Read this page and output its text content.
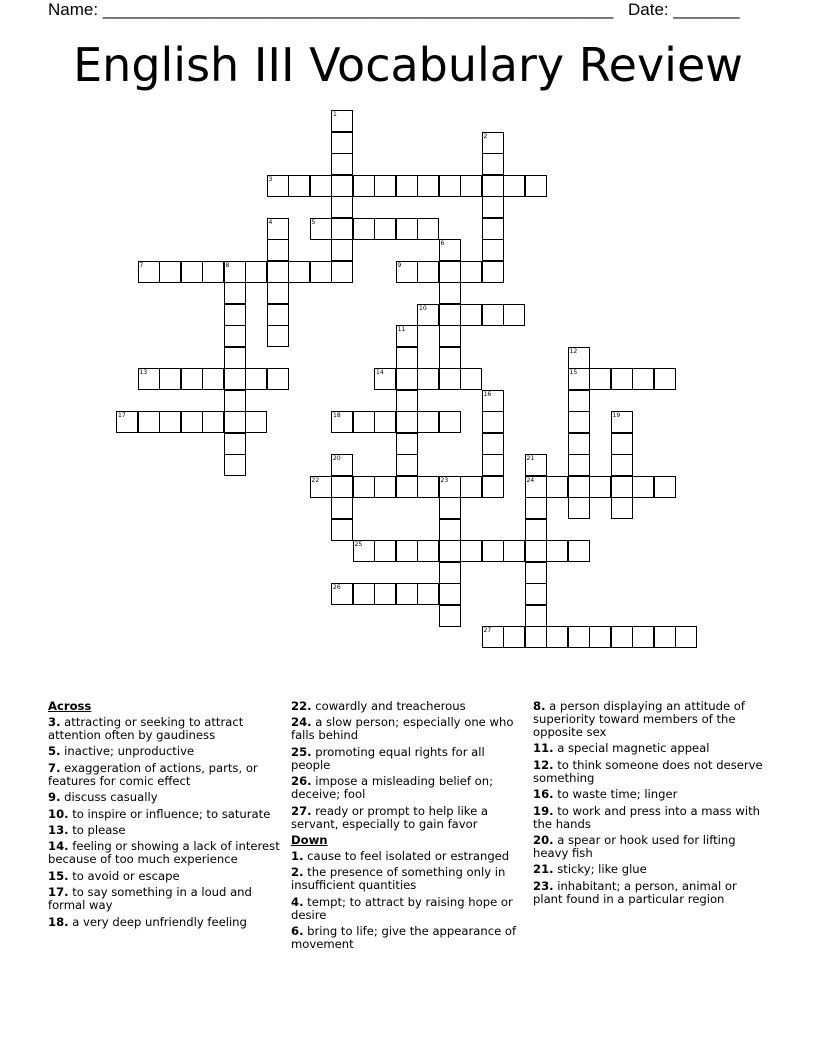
Name: ______________________________________________________ Date: _______
English III Vocabulary Review
1
2
3
4	5
6
7	8	9
10
11
12
15
13	14
16
17	18	19
20	21
24
22	23
25
26
27
Across
3. attracting or seeking to attract attention often by gaudiness
5. inactive; unproductive
7. exaggeration of actions, parts, or features for comic effect
9. discuss casually
10. to inspire or influence; to saturate
13. to please
14. feeling or showing a lack of interest because of too much experience
15. to avoid or escape
17. to say something in a loud and formal way
18. a very deep unfriendly feeling
22. cowardly and treacherous
24. a slow person; especially one who falls behind
25. promoting equal rights for all people
26. impose a misleading belief on; deceive; fool
27. ready or prompt to help like a servant, especially to gain favor
Down
1. cause to feel isolated or estranged
2. the presence of something only in insufficient quantities
4. tempt; to attract by raising hope or desire
6. bring to life; give the appearance of movement
8. a person displaying an attitude of superiority toward members of the opposite sex
11. a special magnetic appeal
12. to think someone does not deserve something
16. to waste time; linger
19. to work and press into a mass with the hands
20. a spear or hook used for lifting heavy fish
21. sticky; like glue
23. inhabitant; a person, animal or plant found in a particular region
